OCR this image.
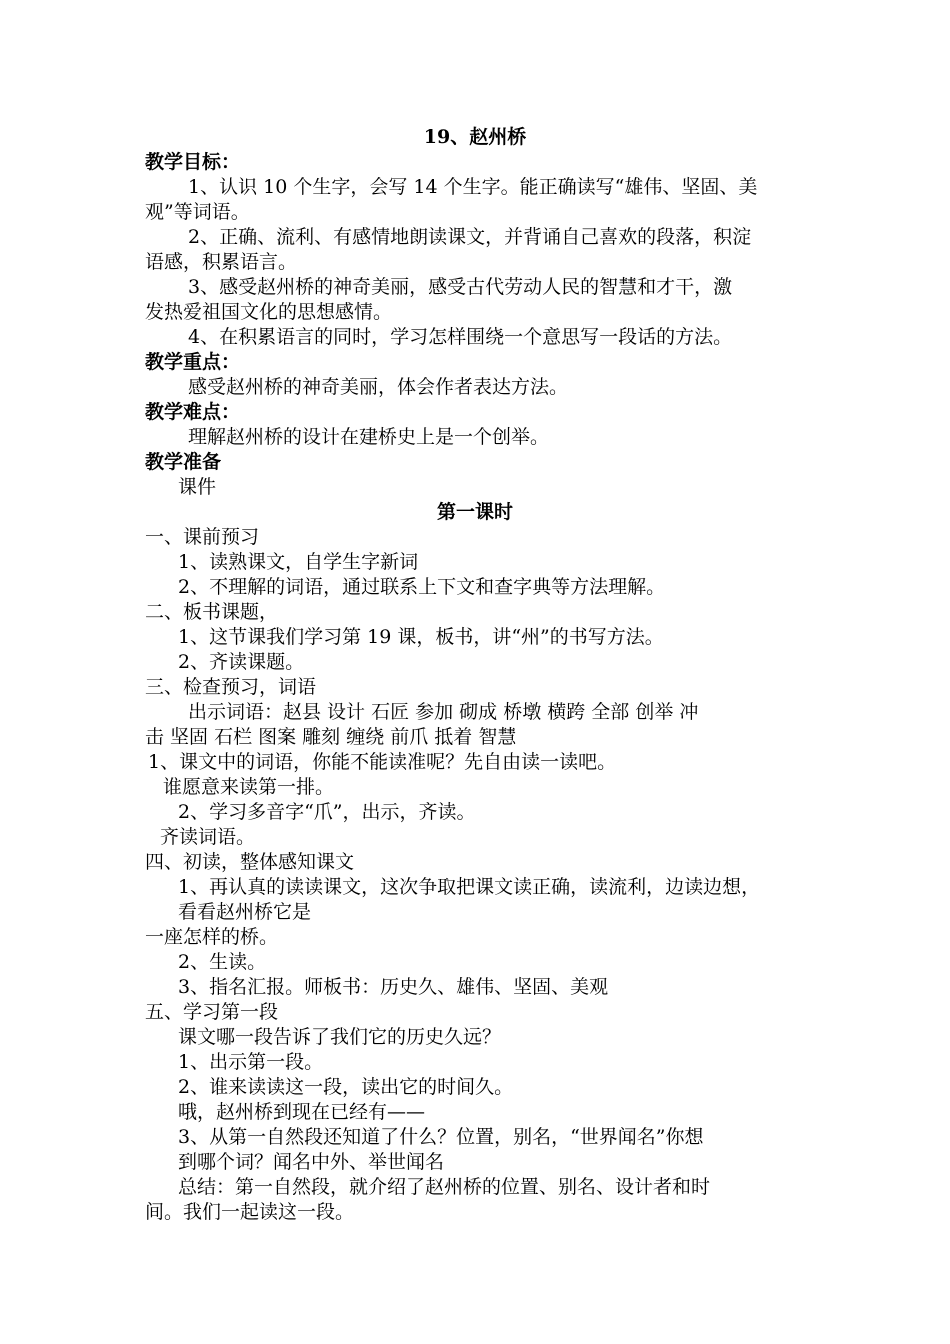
19、赵州桥
教学目标：
1、认识 10 个生字，会写 14 个生字。能正确读写“雄伟、坚固、美
观”等词语。
2、正确、流利、有感情地朗读课文，并背诵自己喜欢的段落，积淀
语感，积累语言。
3、感受赵州桥的神奇美丽，感受古代劳动人民的智慧和才干，激
发热爱祖国文化的思想感情。
4、在积累语言的同时，学习怎样围绕一个意思写一段话的方法。
教学重点：
感受赵州桥的神奇美丽，体会作者表达方法。
教学难点：
理解赵州桥的设计在建桥史上是一个创举。
教学准备
课件
第一课时
一、课前预习
1、读熟课文，自学生字新词
2、不理解的词语，通过联系上下文和查字典等方法理解。
二、板书课题，
1、这节课我们学习第 19 课，板书，讲“州”的书写方法。
2、齐读课题。
三、检查预习，词语
出示词语：赵县 设计 石匠 参加 砌成 桥墩 横跨 全部 创举 冲
击 坚固 石栏 图案 雕刻 缠绕 前爪 抵着 智慧
1、课文中的词语，你能不能读准呢？先自由读一读吧。
谁愿意来读第一排。
2、学习多音字“爪”，出示，齐读。
齐读词语。
四、初读，整体感知课文
1、再认真的读读课文，这次争取把课文读正确，读流利，边读边想，
看看赵州桥它是
一座怎样的桥。
2、生读。
3、指名汇报。师板书：历史久、雄伟、坚固、美观
五、学习第一段
课文哪一段告诉了我们它的历史久远？
1、出示第一段。
2、谁来读读这一段，读出它的时间久。
哦，赵州桥到现在已经有——
3、从第一自然段还知道了什么？位置，别名，“世界闻名”你想
到哪个词？闻名中外、举世闻名
总结：第一自然段，就介绍了赵州桥的位置、别名、设计者和时
间。我们一起读这一段。
